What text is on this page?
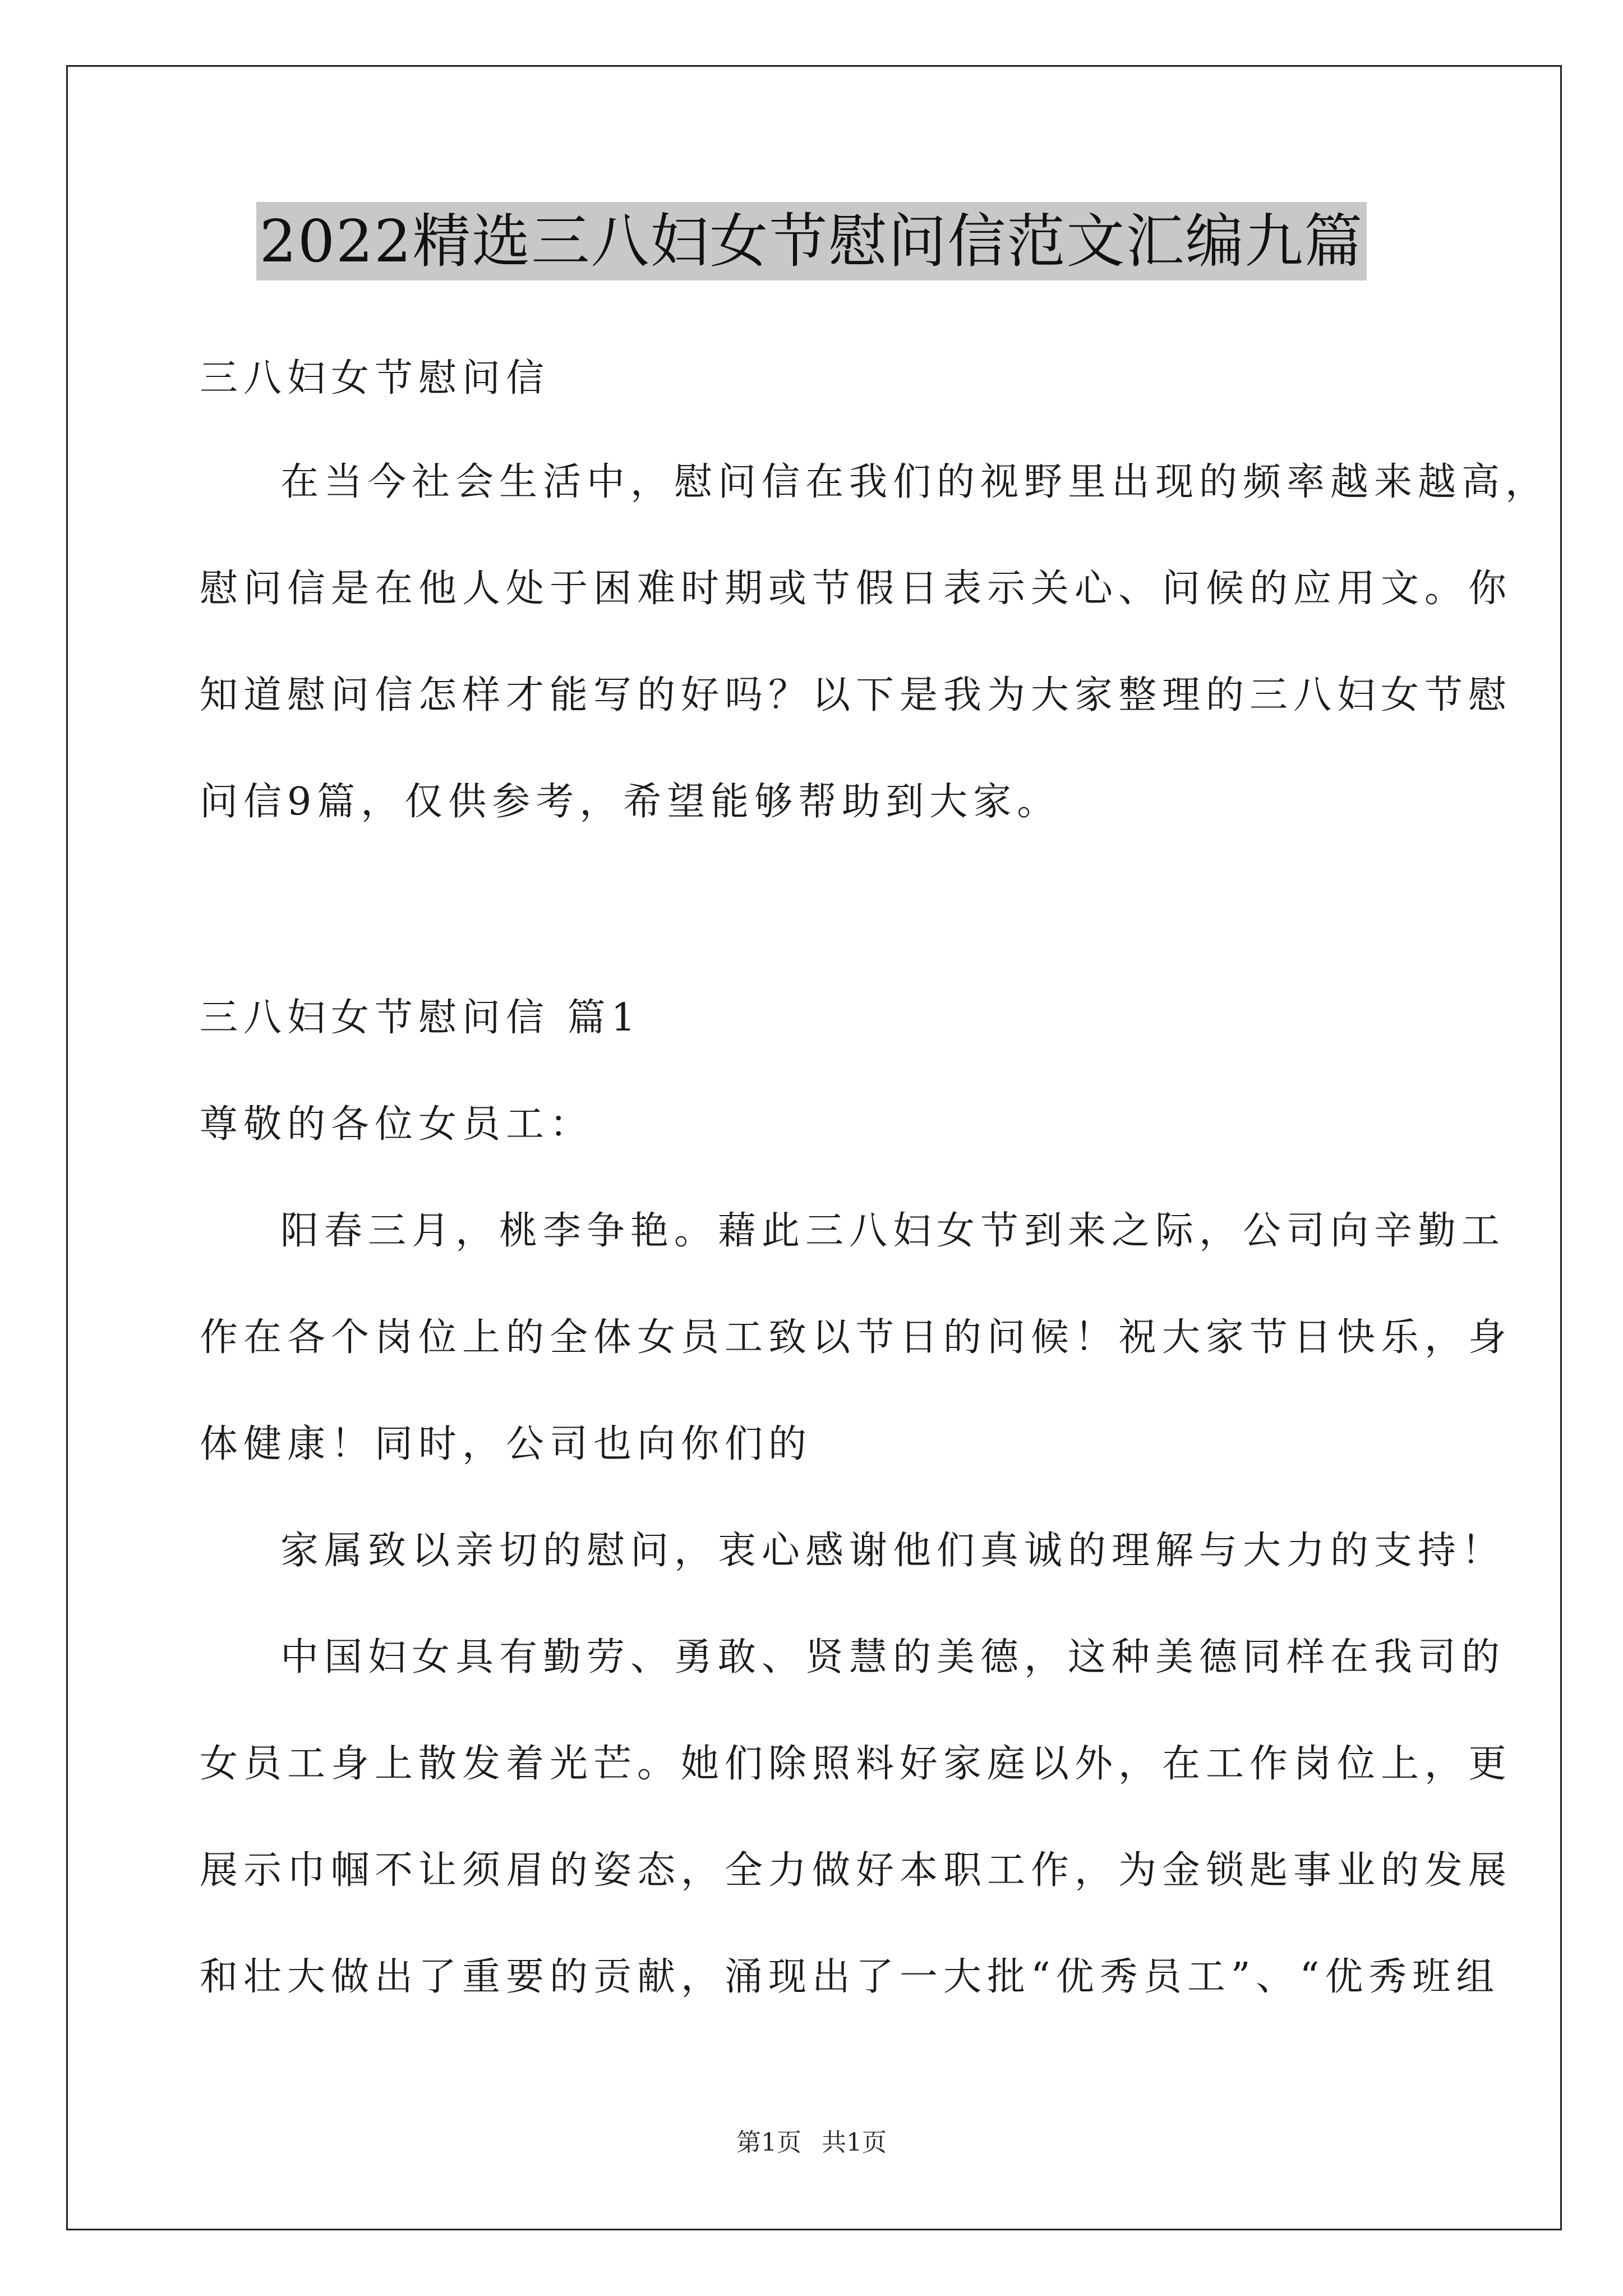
2022精选三八妇女节慰问信范文汇编九篇
三八妇女节慰问信
在当今社会生活中，慰问信在我们的视野里出现的频率越来越高，
慰问信是在他人处于困难时期或节假日表示关心、问候的应用文。你
知道慰问信怎样才能写的好吗？以下是我为大家整理的三八妇女节慰
问信9篇，仅供参考，希望能够帮助到大家。
三八妇女节慰问信 篇1
尊敬的各位女员工：
阳春三月，桃李争艳。藉此三八妇女节到来之际，公司向辛勤工
作在各个岗位上的全体女员工致以节日的问候！祝大家节日快乐，身
体健康！同时，公司也向你们的
家属致以亲切的慰问，衷心感谢他们真诚的理解与大力的支持！
中国妇女具有勤劳、勇敢、贤慧的美德，这种美德同样在我司的
女员工身上散发着光芒。她们除照料好家庭以外，在工作岗位上，更
展示巾帼不让须眉的姿态，全力做好本职工作，为金锁匙事业的发展
和壮大做出了重要的贡献，涌现出了一大批“优秀员工”、“优秀班组
第1页 共1页
